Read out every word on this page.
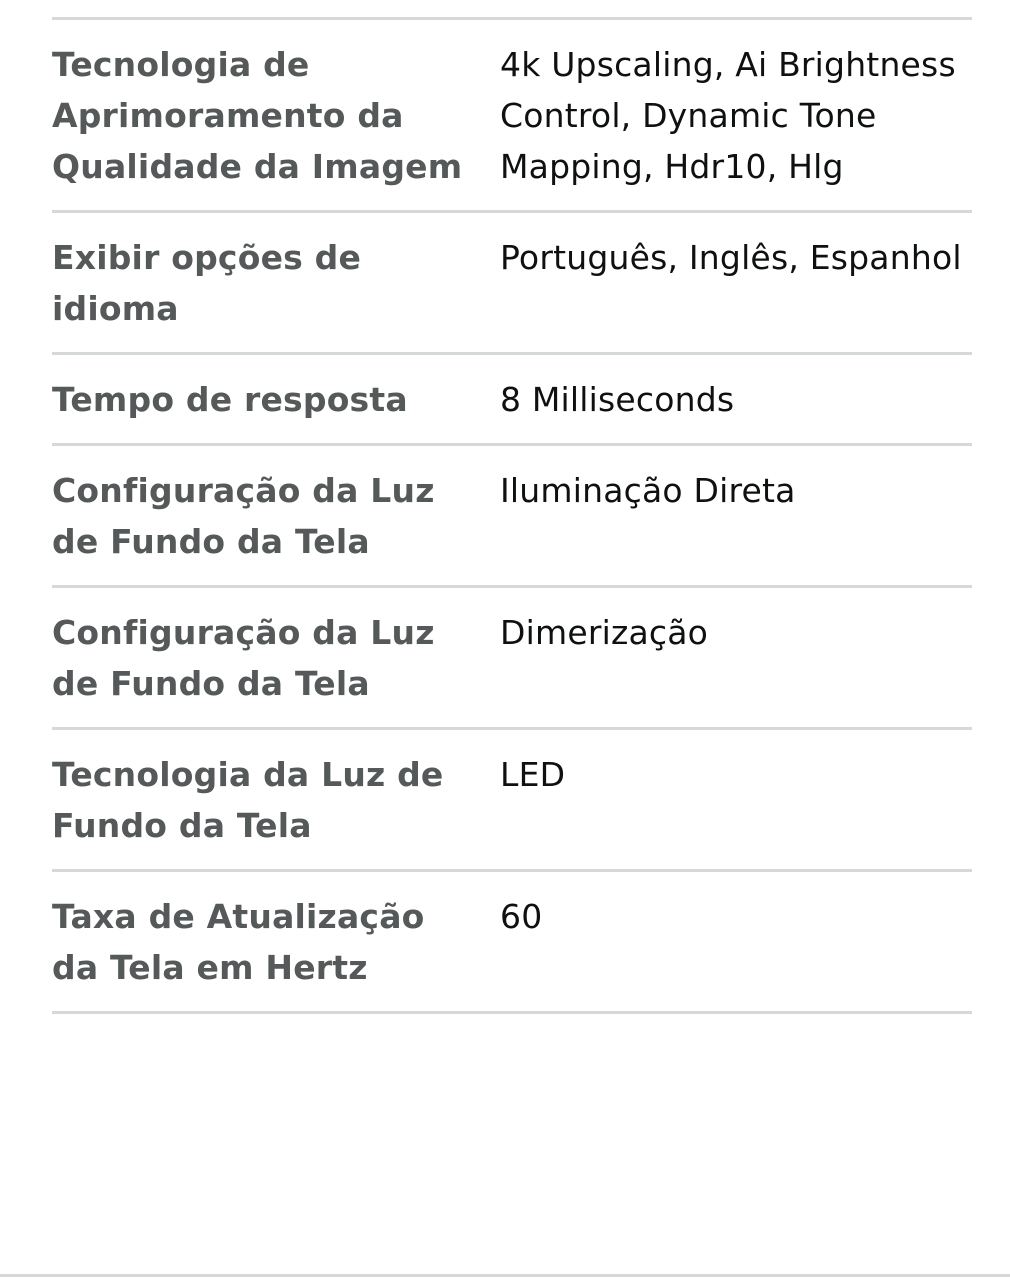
Tecnologia de Aprimoramento da Qualidade da Imagem
4k Upscaling, Ai Brightness Control, Dynamic Tone Mapping, Hdr10, Hlg
Exibir opções de idioma
Português, Inglês, Espanhol
Tempo de resposta	8 Milliseconds
Configuração da Luz de Fundo da Tela
Iluminação Direta
Configuração da Luz de Fundo da Tela
Dimerização
Tecnologia da Luz de Fundo da Tela
LED
Taxa de Atualização da Tela em Hertz
60
